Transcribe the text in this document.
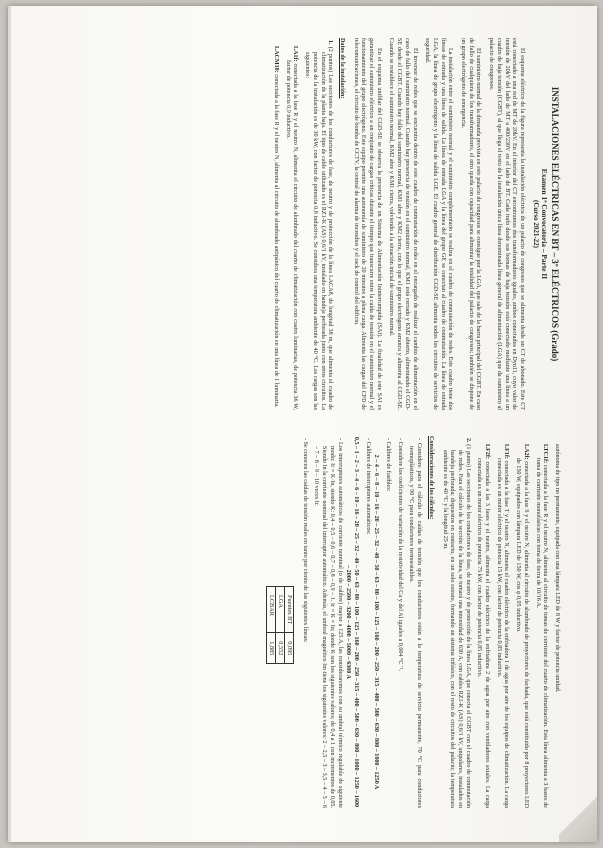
INSTALACIONES ELÉCTRICAS EN BT – 3º ELÉCTRICOS (Grado)
Examen 1ª Convocatoria – Parte II
(Curso 2021-22)

El esquema eléctrico de la figura representa la instalación eléctrica de un palacio de congresos que se alimenta desde un CT de abonado. Este CT está conectado a una red de MT de 20kV. En el interior del CT encontramos dos transformadores iguales, ambos conectados en Dyn11, cuyo valor de tensión de 20kV del lado de MT a 400/230V en el lado de BT. Cada trafo desde sus bornas de baja tensión está conectado mediante una línea a un cuadro de baja tensión (CGBT), al que llega el resto de la instalación única línea denominada línea general de alimentación (LGA) que da suministro al palacio de congresos.

El suministro normal de la demanda prevista en este palacio de congresos se consigue por la LGA, que sale de la barra principal del CGBT. En caso de fallo de cualquiera de los transformadores, el otro queda con capacidad para alimentar la totalidad del palacio de congresos; también se dispone de un grupo electrógeno de emergencia.

La instalación entre el suministro normal y el suministro complementario se realiza en el cuadro de conmutación de redes. Este cuadro tiene dos líneas de entrada y una línea de salida. La línea de entrada LGA y la línea del grupo GE se conectan al cuadro de conmutación. La línea de entrada LGA, la línea de grupo electrógeno y la línea de salida LGE. El cuadro general de distribución CGD-SE alimenta todos los circuitos de servicios de seguridad.

El inversor de redes que se encuentra dentro de este cuadro de conmutación de redes en el encargado de realizar el cambio de alimentación en el caso de fallo del suministro normal. Cuando hay presencia de tensión en el suministro normal, KM1 está cerrado y KM2 abierto, alimentando el CGD-SE desde el CGBT. Cuando hay fallo del suministro normal, KM1 abre y KM2 cierra, con lo que el grupo electrógeno arranca y alimenta al CGD-SE. Cuando se restablece el suministro normal, KM2 abre y KM1 cierra, volviendo a la situación inicial de suministro normal.

En el esquema unifilar del CGD-SE se observa la presencia de un Sistema de Alimentación Ininterrumpida (SAI). La finalidad de este SAI es garantizar el suministro eléctrico a un conjunto de cargas críticas durante el tiempo que transcurre entre la caída de tensión en el suministro normal y el funcionamiento del grupo electrógeno. Este equipo permite una autonomía de suministro de 20 minutos a plena carga. Alimenta las cargas del CPD de telecomunicaciones, el circuito de bomba de CCTV, la central de alarma de incendios y el rack de control del edificio.

Datos de la instalación:
1. (2 puntos) Las secciones de los conductores de fase, de neutro y de protección de la línea LACA8, de longitud 38 m, que alimenta el cuadro de climatización de la planta baja. El tipo de cable utilizado es el RZ1-K (AS) 0,6/1 kV, instalado en bandeja perforada junto con otros circuitos. La potencia de la instalación es de 30 kW, con factor de potencia 0,8 inductivo. Se considera una temperatura ambiente de 40 °C. Las cargas son las siguientes:
LA1f: conectada a la fase R y el neutro N, alimenta el circuito de alumbrado del cuarto de climatización con cuatro luminarias, de potencia 36 W, factor de potencia 0,9 inductivo.
LACM18: conectada a la fase R y el neutro N, alimenta al circuito de alumbrado antipánico del cuarto de climatización en una línea de 1 luminaria.
autónoma de tipo no permanente, equipada con una lámpara LED de 8 W y factor de potencia unidad.
LTC1f: conectada a la fase R y el neutro N, alimenta al circuito de tomas de corriente del cuarto de climatización. Esta línea alimenta a 3 bases de toma de corriente monofásicas con toma de tierra de 10/16 A.
LA2f: conectada a la fase S y el neutro N, alimenta al circuito de alumbrado de proyectores de fachada, que está constituido por 8 proyectores LED de 150 W, equipados con lámpara LED de 150 W, cos φ 0,95 inductivo.
LF1f: conectada a la fase T y el neutro N, alimenta el cuadro eléctrico de la enfriadora 1 de agua por aire de los equipos de climatización. La carga conectada es un motor eléctrico de potencia 15 kW, con factor de potencia 0,85 inductivo.
LF2f: conectada a las 3 fases y el neutro, alimenta el cuadro eléctrico de la enfriadora 2 de agua por aire con ventiladores axiales. La carga conectada es un motor eléctrico de potencia 75 kW, con factor de potencia 0,85 inductivo.
2. (1 punto) Las secciones de los conductores de fase, de neutro y de protección de la línea LGA, que conecta el CGBT con el cuadro de conmutación de redes. Para el cálculo de la sección de la línea, se tomará una intensidad de 630 A, con cables RZ1-K (AS) 0,6/1 kV, unipolares, instalados en bandeja perforada; dispuestos en contacto, en un solo estrato, formando un sistema trifásico, con el resto de circuitos del palacio; la temperatura ambiente es de 40 °C y la longitud 25 m.
Consideraciones de los cálculos:
- Considere para el cálculo de caídas de tensión que los conductores están a la temperatura de servicio permanente, 70 °C para conductores termoplásticos, y 90 °C para conductores termoestables.
- Considere los coeficientes de variación de la resistividad del Cu y del Al iguales a 0,004 °C⁻¹.
- Calibres de fusibles:
2 – 4 – 6 – 8 – 10 – 16 – 20 – 25 – 32 – 40 – 50 – 63 – 80 – 100 – 125 – 160 – 200 – 250 – 315 – 400 – 500 – 630 – 800 – 1000 – 1250 A
- Calibres de interruptores automáticos:
0,5 – 1 – 2 – 3 – 4 – 6 – 10 – 16 – 20 – 25 – 32 – 40 – 50 – 63 – 80 – 100 – 125 – 160 – 200 – 250 – 315 – 400 – 500 – 630 – 800 – 1000 – 1250 – 1600 – 2000 – 2500 – 3200 – 4000 – 5000 – 6300 A
- Los interruptores automáticos de corriente nominal (o de calibre) mayor a 125 A, las consideraremos con su umbral térmico regulable de siguiente modo: Ir = K·In, siendo K: 0,4 – 0,5 – 0,6 – 0,7 – 0,8 – 0,9 – 1. Ir = K × In; donde K son los siguientes valores; de 0,4 a 1 con incrementos de 0,05. Siendo In la corriente nominal del interruptor automático. Además, el umbral magnético Im tiene los siguientes valores: 2 – 2,5 – 3 – 3,5 – 4 – 5 – 6 – 7 – 8 – 9 – 10 veces Ir.
- Se conocen las caídas de tensión reales en tanto por ciento de las siguientes líneas:
Puentes BT	0,095
LGA	0,552
LCBAR	1,885
